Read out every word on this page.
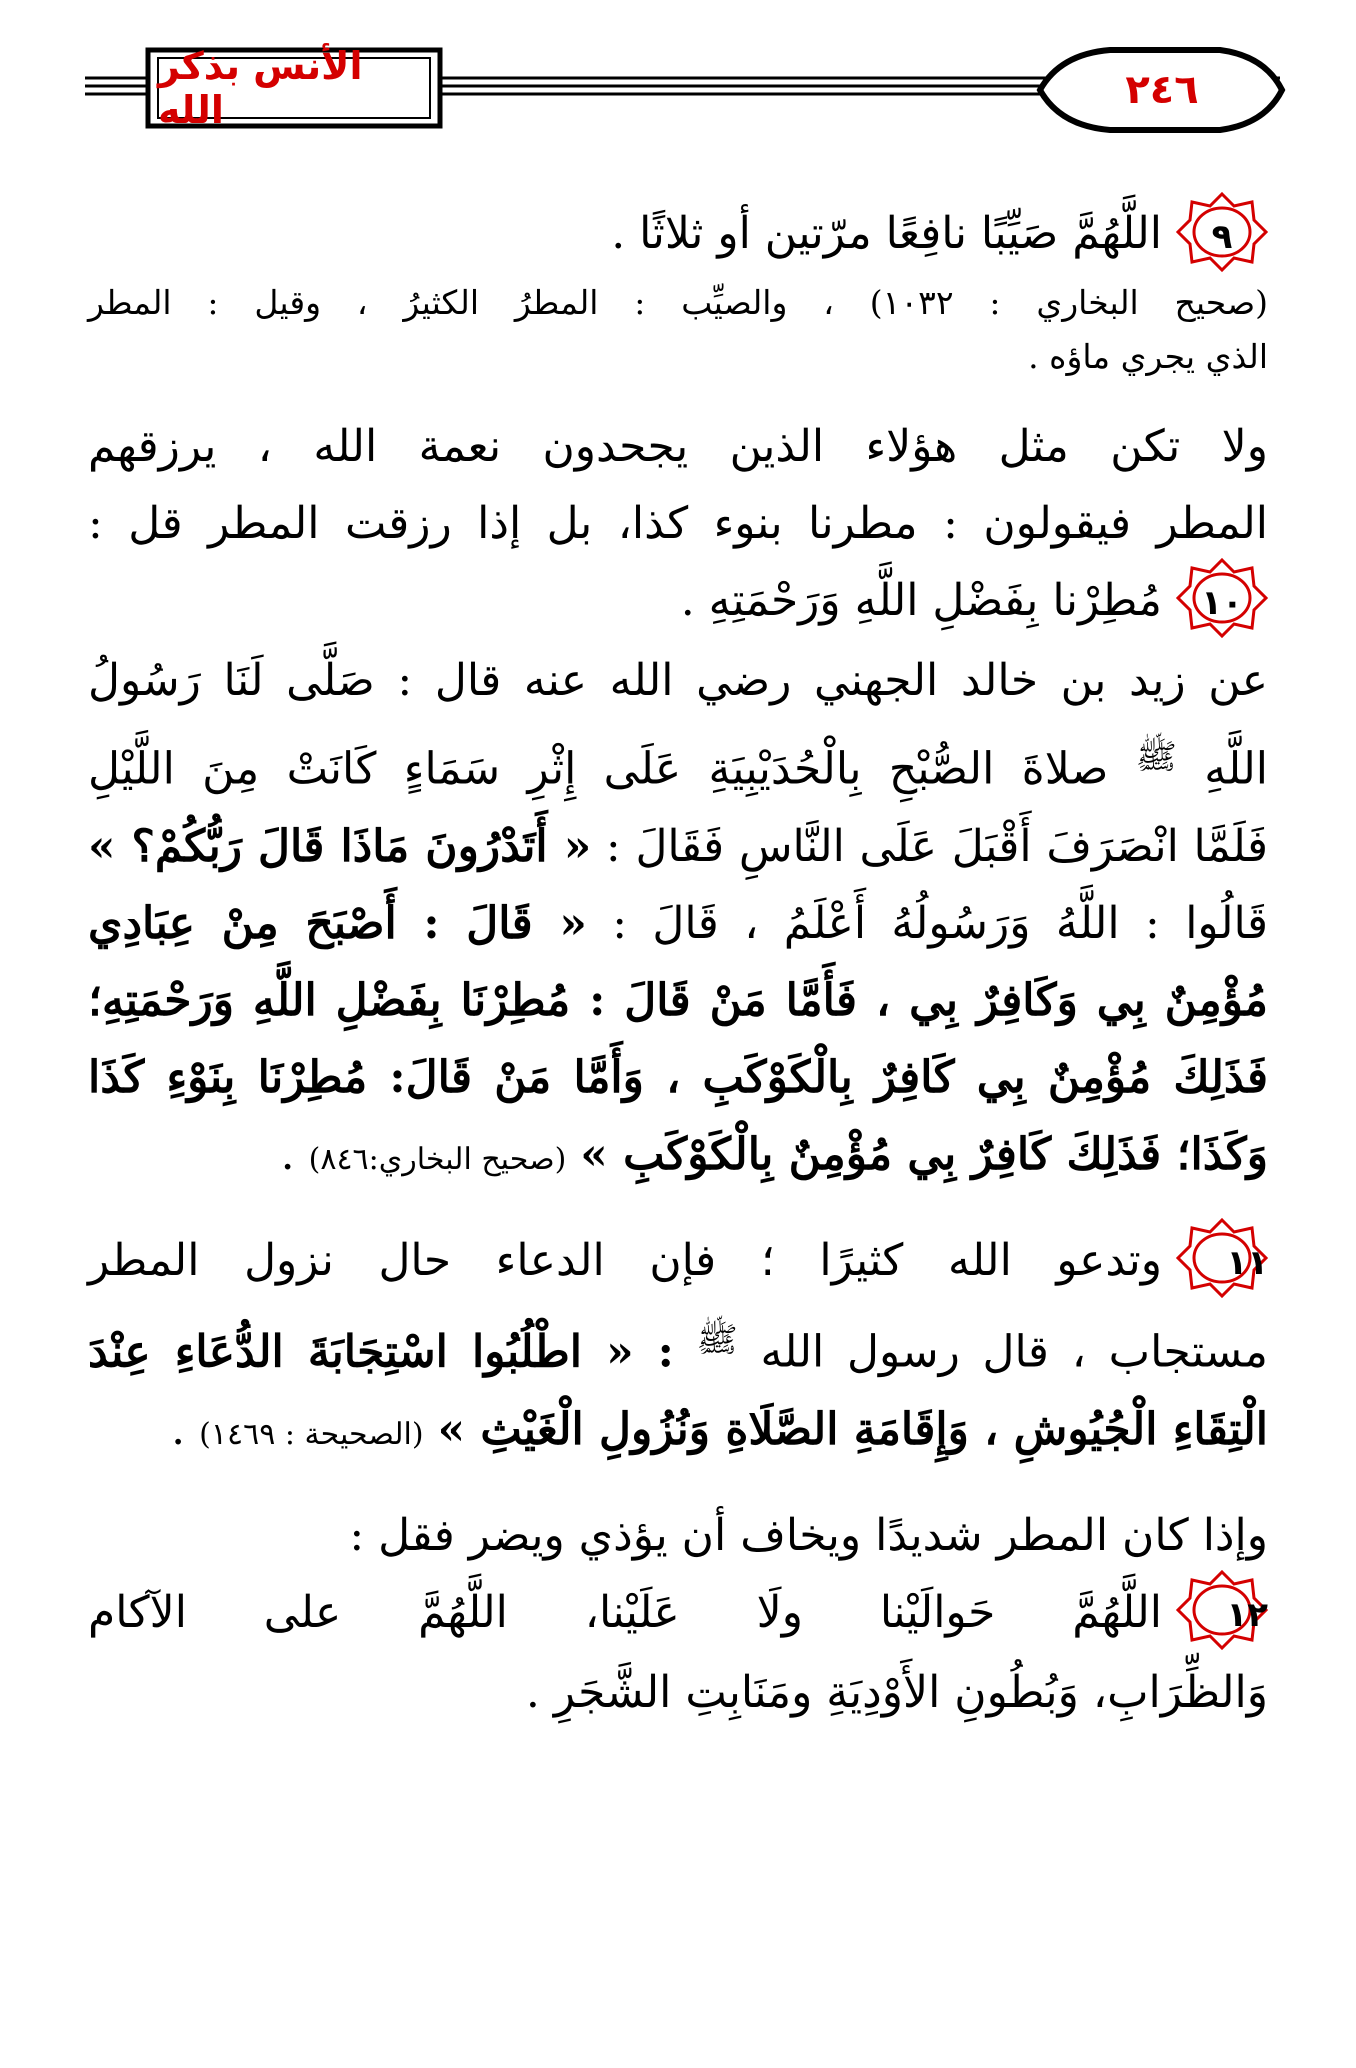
الأنس بذكر الله	٢٤٦
٩
اللَّهُمَّ صَيِّبًا نافِعًا مرّتين أو ثلاثًا .
(صحيح البخاري : ١٠٣٢) ، والصيِّب : المطرُ الكثيرُ ، وقيل : المطر
الذي يجري ماؤه .
ولا تكن مثل هؤلاء الذين يجحدون نعمة الله ، يرزقهم
المطر فيقولون : مطرنا بنوء كذا، بل إذا رزقت المطر قل :
١٠
مُطِرْنا بِفَضْلِ اللَّهِ وَرَحْمَتِهِ .
عن زيد بن خالد الجهني رضي الله عنه قال : صَلَّى لَنَا رَسُولُ
اللَّهِ $^ﷺ$ صلاةَ الصُّبْحِ بِالْحُدَيْبِيَةِ عَلَى إِثْرِ سَمَاءٍ كَانَتْ مِنَ اللَّيْلِ
فَلَمَّا انْصَرَفَ أَقْبَلَ عَلَى النَّاسِ فَقَالَ : « أَتَدْرُونَ مَاذَا قَالَ رَبُّكُمْ؟ »
قَالُوا : اللَّهُ وَرَسُولُهُ أَعْلَمُ ، قَالَ : « قَالَ : أَصْبَحَ مِنْ عِبَادِي
مُؤْمِنٌ بِي وَكَافِرٌ بِي ، فَأَمَّا مَنْ قَالَ : مُطِرْنَا بِفَضْلِ اللَّهِ وَرَحْمَتِهِ؛
فَذَلِكَ مُؤْمِنٌ بِي كَافِرٌ بِالْكَوْكَبِ ، وَأَمَّا مَنْ قَالَ: مُطِرْنَا بِنَوْءِ كَذَا
وَكَذَا؛ فَذَلِكَ كَافِرٌ بِي مُؤْمِنٌ بِالْكَوْكَبِ » (صحيح البخاري:٨٤٦) .
١١
وتدعو الله كثيرًا ؛ فإن الدعاء حال نزول المطر
مستجاب ، قال رسول الله $^ﷺ$ : « اطْلُبُوا اسْتِجَابَةَ الدُّعَاءِ عِنْدَ
الْتِقَاءِ الْجُيُوشِ ، وَإِقَامَةِ الصَّلَاةِ وَنُزُولِ الْغَيْثِ » (الصحيحة : ١٤٦٩) .
وإذا كان المطر شديدًا ويخاف أن يؤذي ويضر فقل :
١٢
اللَّهُمَّ حَوالَيْنا ولَا عَلَيْنا، اللَّهُمَّ على الآكام
وَالظِّرَابِ، وَبُطُونِ الأَوْدِيَةِ ومَنَابِتِ الشَّجَرِ .
